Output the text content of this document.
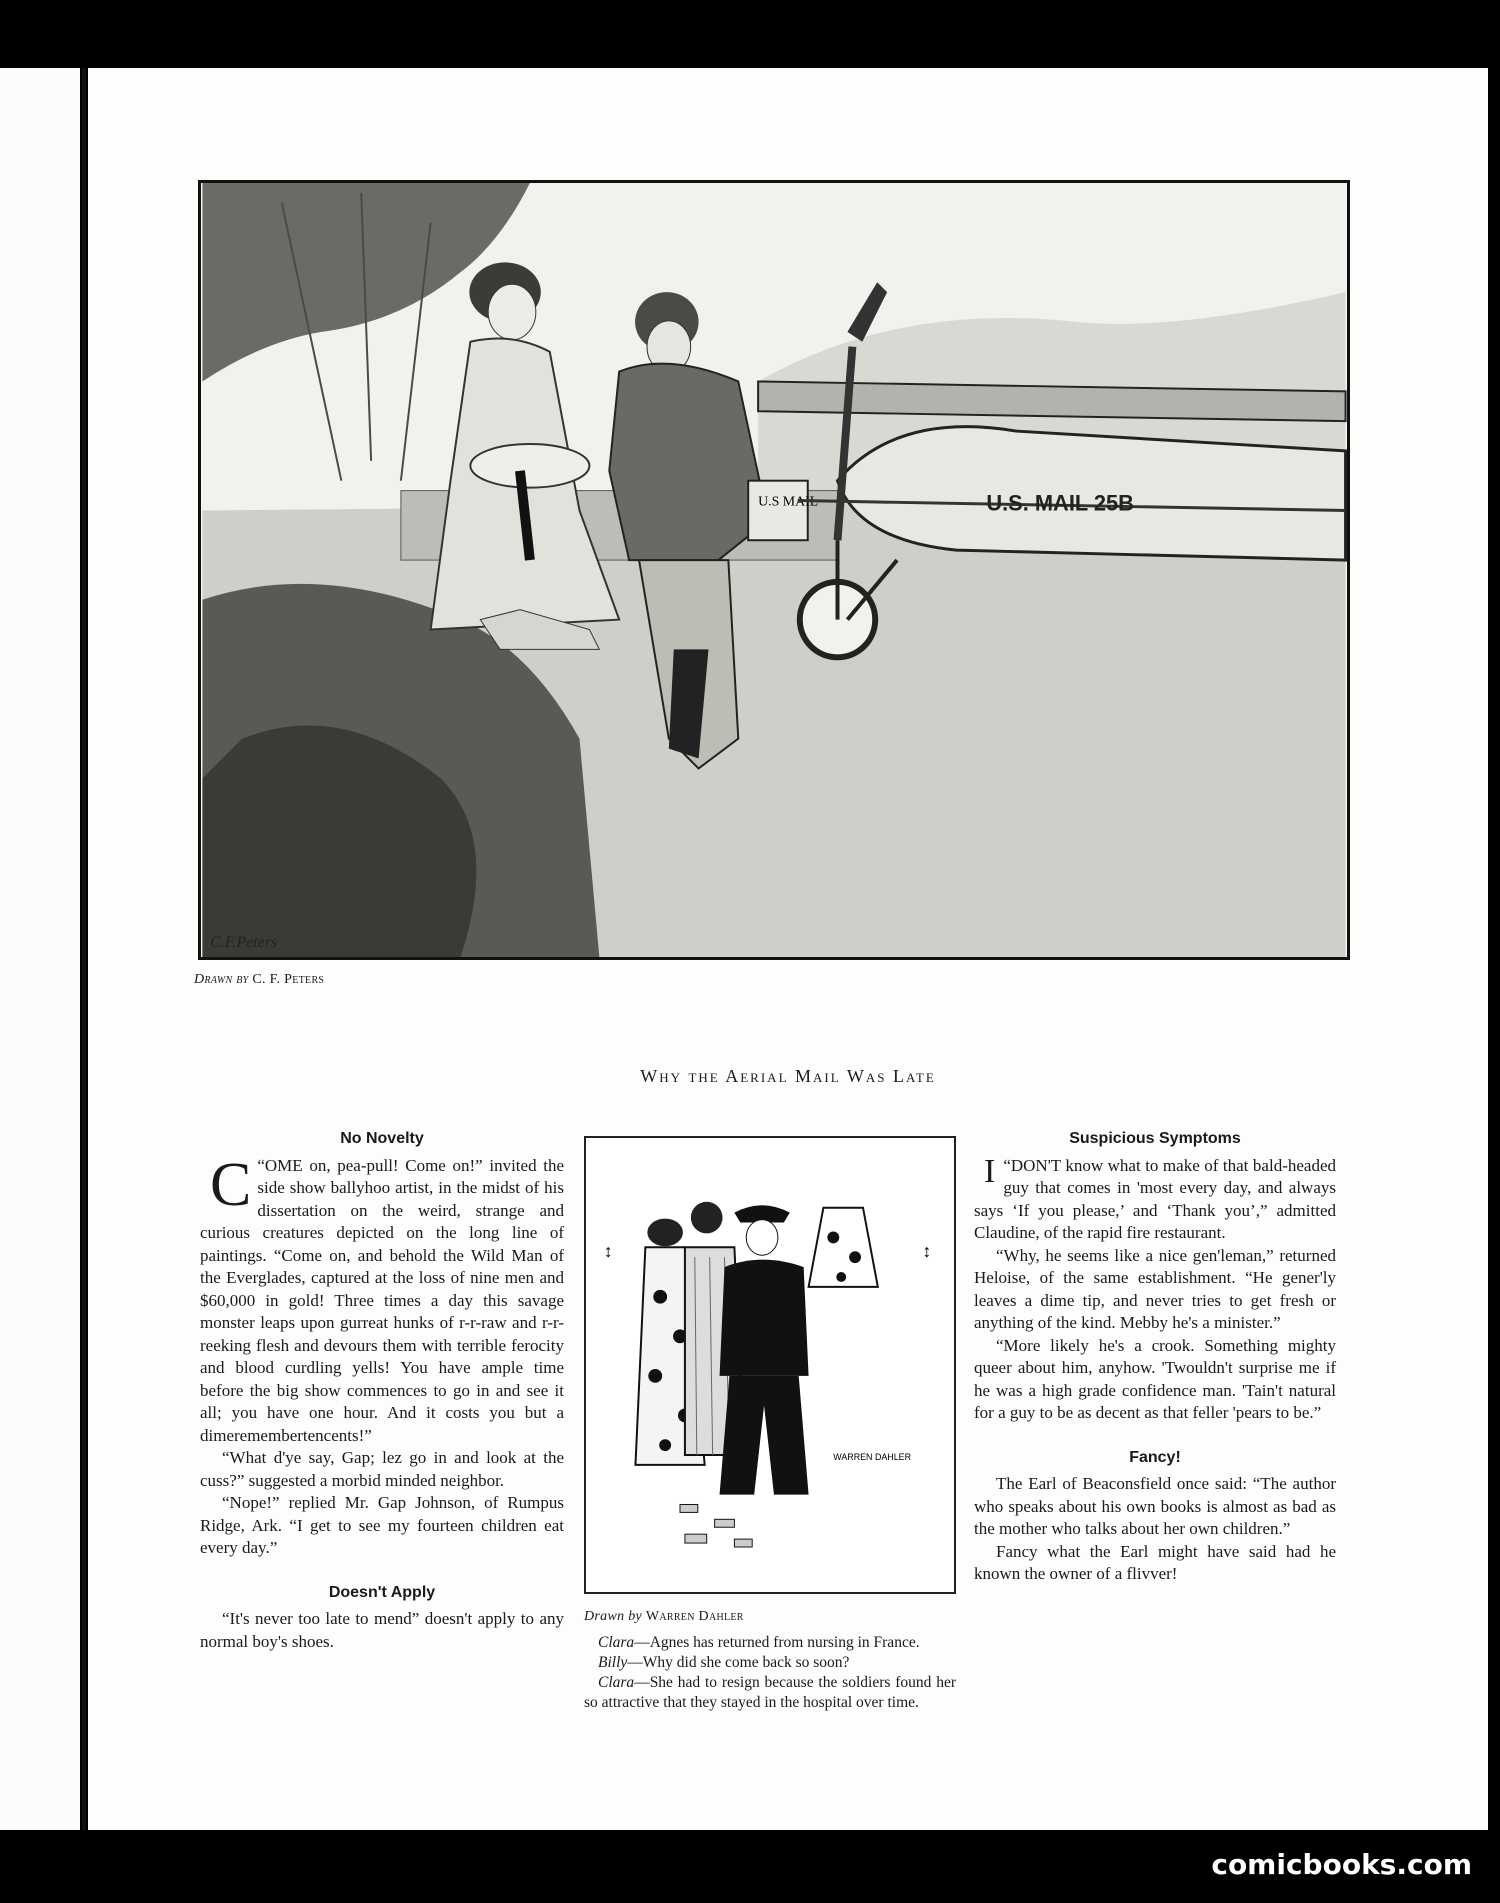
U.S MAIL	U.S. MAIL 25B
C.F.Peters
Drawn by C. F. Peters
Why the Aerial Mail Was Late
No Novelty

C “OME on, pea-pull! Come on!” invited the side show ballyhoo artist, in the midst of his dissertation on the weird, strange and curious creatures depicted on the long line of paintings. “Come on, and behold the Wild Man of the Everglades, captured at the loss of nine men and $60,000 in gold! Three times a day this savage monster leaps upon gurreat hunks of r-r-raw and r-r-reeking flesh and devours them with terrible ferocity and blood curdling yells! You have ample time before the big show commences to go in and see it all; you have one hour. And it costs you but a dimeremembertencents!”

“What d'ye say, Gap; lez go in and look at the cuss?” suggested a morbid minded neighbor.

“Nope!” replied Mr. Gap Johnson, of Rumpus Ridge, Ark. “I get to see my fourteen children eat every day.”

Doesn't Apply

“It's never too late to mend” doesn't apply to any normal boy's shoes.

↕	↕
WARREN DAHLER
Drawn by Warren Dahler

Clara—Agnes has returned from nursing in France.

Billy—Why did she come back so soon?

Clara—She had to resign because the soldiers found her so attractive that they stayed in the hospital over time.

Suspicious Symptoms

I “DON'T know what to make of that bald-headed guy that comes in 'most every day, and always says ‘If you please,’ and ‘Thank you’,” admitted Claudine, of the rapid fire restaurant.

“Why, he seems like a nice gen'leman,” returned Heloise, of the same establishment. “He gener'ly leaves a dime tip, and never tries to get fresh or anything of the kind. Mebby he's a minister.”

“More likely he's a crook. Something mighty queer about him, anyhow. 'Twouldn't surprise me if he was a high grade confidence man. 'Tain't natural for a guy to be as decent as that feller 'pears to be.”

Fancy!

The Earl of Beaconsfield once said: “The author who speaks about his own books is almost as bad as the mother who talks about her own children.”

Fancy what the Earl might have said had he known the owner of a flivver!

comicbooks.com
